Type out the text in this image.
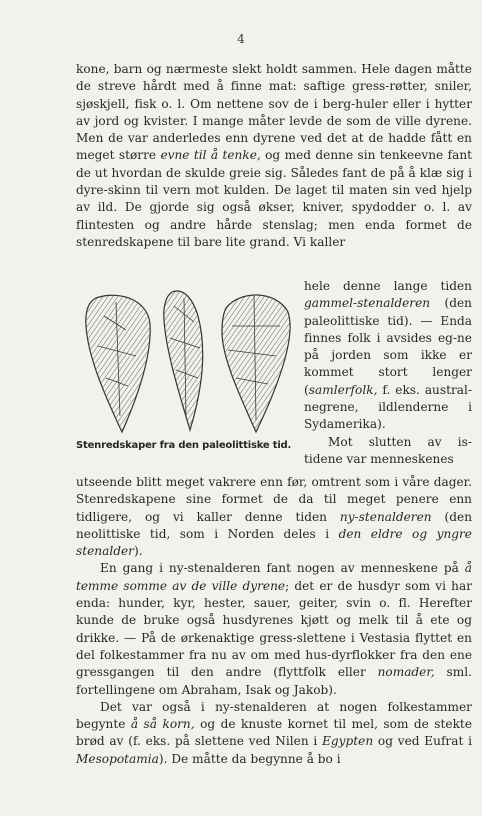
4

kone, barn og nærmeste slekt holdt sammen. Hele dagen måtte de streve hårdt med å finne mat: saftige gress-røtter, sniler, sjøskjell, fisk o. l. Om nettene sov de i berg-huler eller i hytter av jord og kvister. I mange måter levde de som de ville dyrene. Men de var anderledes enn dyrene ved det at de hadde fått en meget større evne til å tenke, og med denne sin tenkeevne fant de ut hvordan de skulde greie sig. Således fant de på å klæ sig i dyre-skinn til vern mot kulden. De laget til maten sin ved hjelp av ild. De gjorde sig også økser, kniver, spydodder o. l. av flintesten og andre hårde stenslag; men enda formet de stenredskapene til bare lite grand. Vi kaller

Stenredskaper fra den paleolittiske tid.

hele denne lange tiden gammel-stenalderen (den paleolittiske tid). — Enda finnes folk i avsides eg-ne på jorden som ikke er kommet stort lenger (samlerfolk, f. eks. austral-negrene, ildlenderne i Sydamerika).

Mot slutten av is-tidene var menneskenes

utseende blitt meget vakrere enn før, omtrent som i våre dager. Stenredskapene sine formet de da til meget penere enn tidligere, og vi kaller denne tiden ny-stenalderen (den neolittiske tid, som i Norden deles i den eldre og yngre stenalder).

En gang i ny-stenalderen fant nogen av menneskene på å temme somme av de ville dyrene; det er de husdyr som vi har enda: hunder, kyr, hester, sauer, geiter, svin o. fl. Herefter kunde de bruke også husdyrenes kjøtt og melk til å ete og drikke. — På de ørkenaktige gress-slettene i Vestasia flyttet en del folkestammer fra nu av om med hus-dyrflokker fra den ene gressgangen til den andre (flyttfolk eller nomader, sml. fortellingene om Abraham, Isak og Jakob).

Det var også i ny-stenalderen at nogen folkestammer begynte å så korn, og de knuste kornet til mel, som de stekte brød av (f. eks. på slettene ved Nilen i Egypten og ved Eufrat i Mesopotamia). De måtte da begynne å bo i
